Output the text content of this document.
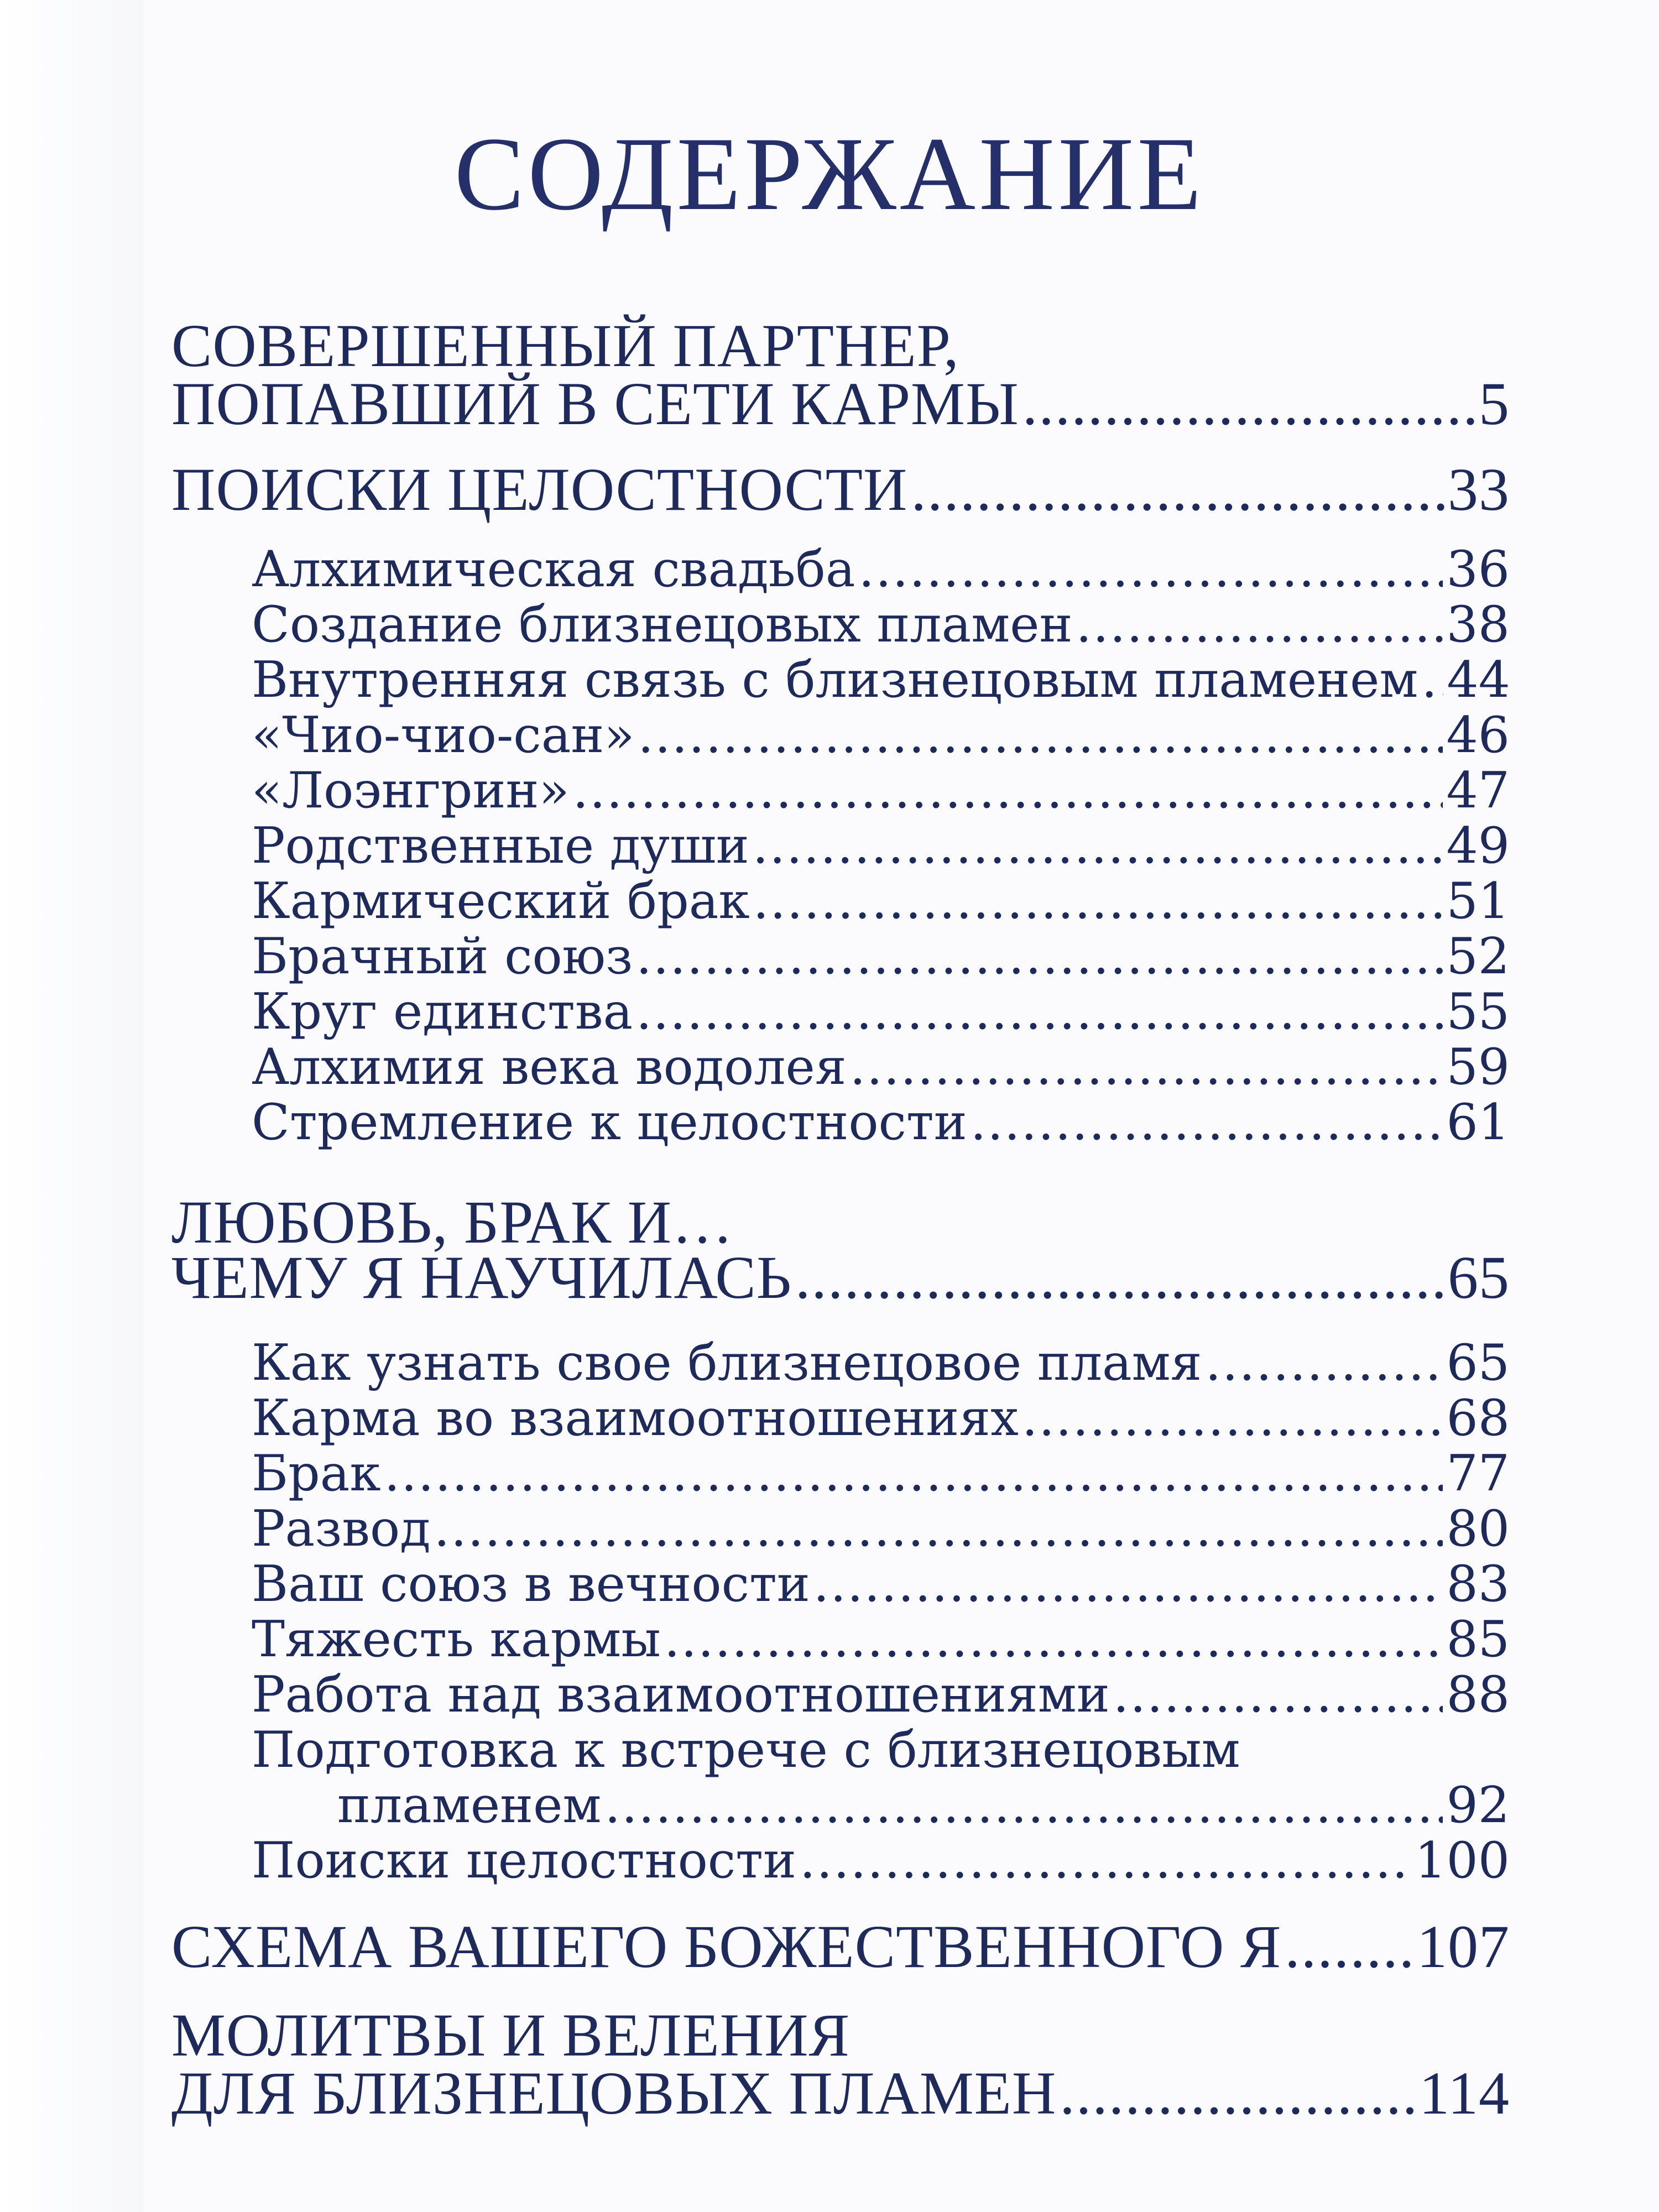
СОДЕРЖАНИЕ
СОВЕРШЕННЫЙ ПАРТНЕР,
ПОПАВШИЙ В СЕТИ КАРМЫ .....	5
ПОИСКИ ЦЕЛОСТНОСТИ .....	33
Алхимическая свадьба .....	36
Создание близнецовых пламен .....	38
Внутренняя связь с близнецовым пламенем ..... 44
«Чио-чио-сан» .....	46
«Лоэнгрин» .....	47
Родственные души .....	49
Кармический брак .....	51
Брачный союз .....	52
Круг единства .....	55
Алхимия века водолея .....	59
Стремление к целостности .....	61
ЛЮБОВЬ, БРАК И…
ЧЕМУ Я НАУЧИЛАСЬ .....	65
Как узнать свое близнецовое пламя .....	65
Карма во взаимоотношениях .....	68
Брак .....	77
Развод .....	80
Ваш союз в вечности .....	83
Тяжесть кармы .....	85
Работа над взаимоотношениями .....	88
Подготовка к встрече с близнецовым
пламенем .....	92
Поиски целостности .....	100
СХЕМА ВАШЕГО БОЖЕСТВЕННОГО Я ..... 107
МОЛИТВЫ И ВЕЛЕНИЯ
ДЛЯ БЛИЗНЕЦОВЫХ ПЛАМЕН .....	114
